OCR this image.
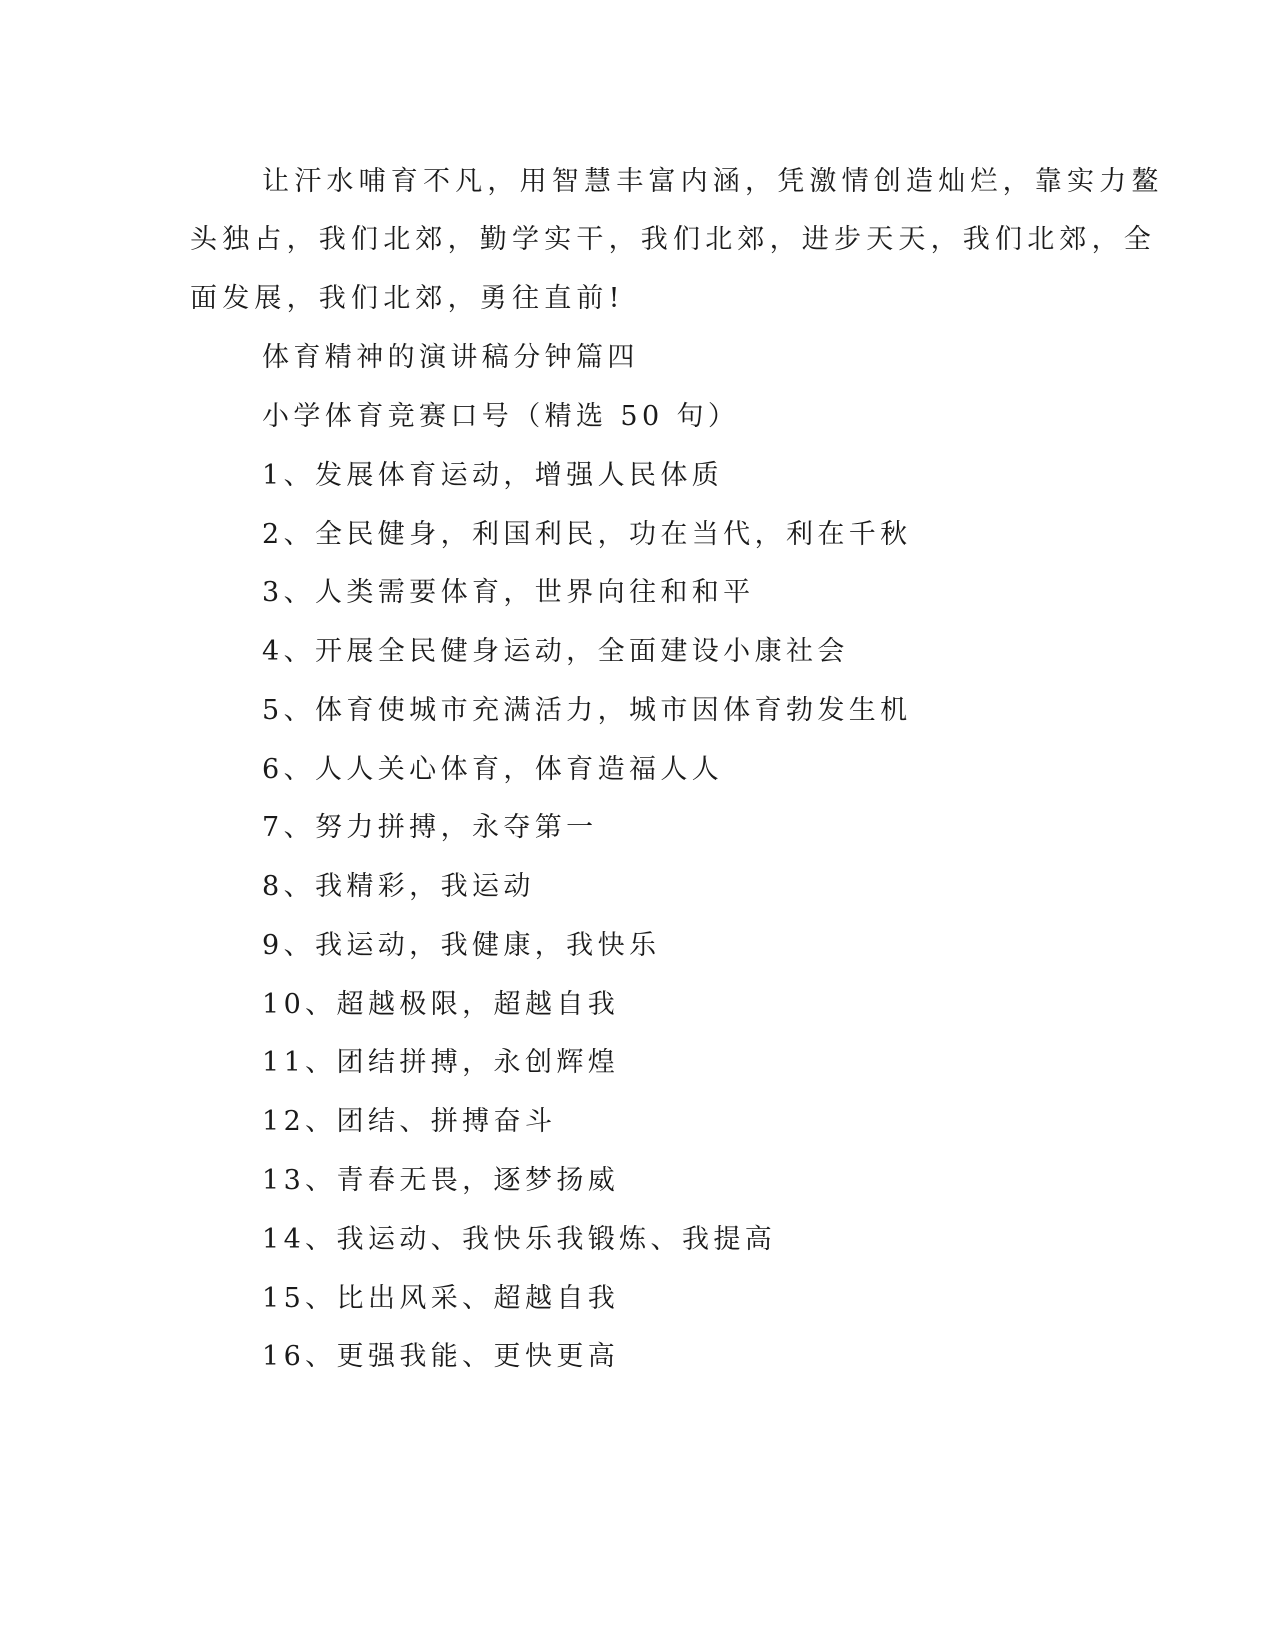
让汗水哺育不凡，用智慧丰富内涵，凭激情创造灿烂，靠实力鳌
头独占，我们北郊，勤学实干，我们北郊，进步天天，我们北郊，全
面发展，我们北郊，勇往直前!
体育精神的演讲稿分钟篇四
小学体育竞赛口号（精选 50 句）
1、发展体育运动，增强人民体质
2、全民健身，利国利民，功在当代，利在千秋
3、人类需要体育，世界向往和和平
4、开展全民健身运动，全面建设小康社会
5、体育使城市充满活力，城市因体育勃发生机
6、人人关心体育，体育造福人人
7、努力拼搏，永夺第一
8、我精彩，我运动
9、我运动，我健康，我快乐
10、超越极限，超越自我
11、团结拼搏，永创辉煌
12、团结、拼搏奋斗
13、青春无畏，逐梦扬威
14、我运动、我快乐我锻炼、我提高
15、比出风采、超越自我
16、更强我能、更快更高
